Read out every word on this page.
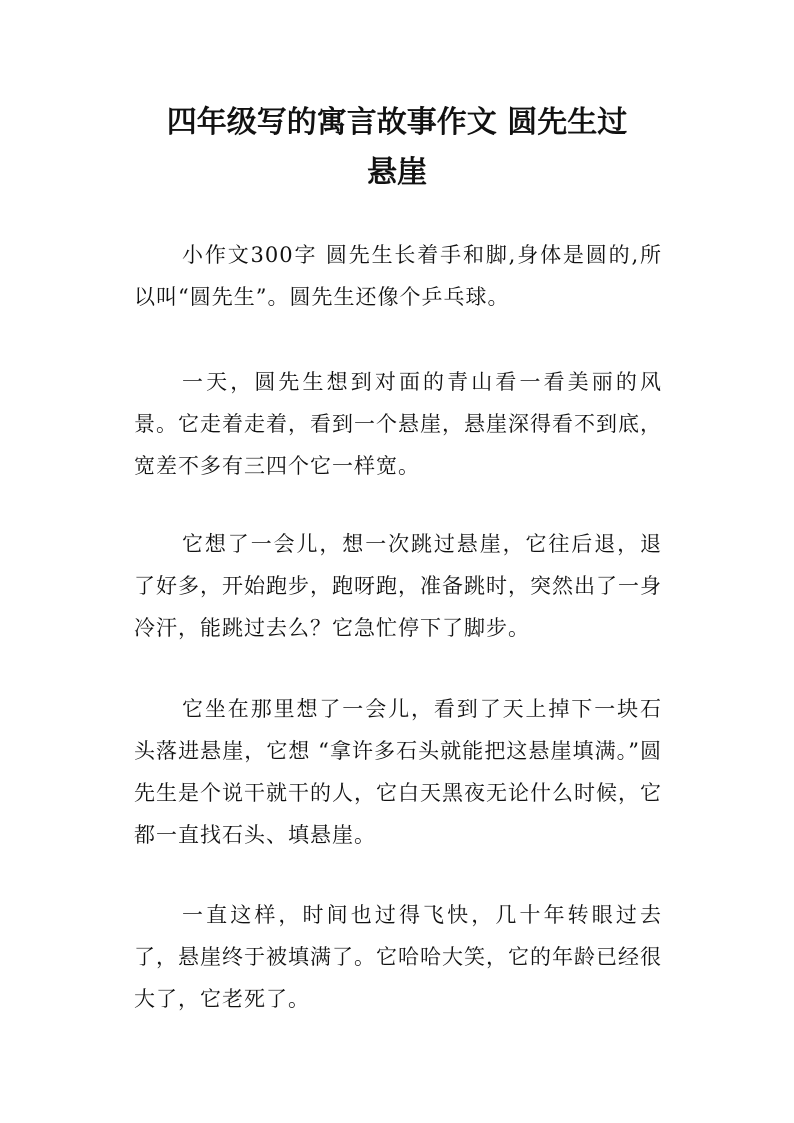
四年级写的寓言故事作文 圆先生过
悬崖

小作文300字 圆先生长着手和脚,身体是圆的,所以叫“圆先生”。圆先生还像个乒乓球。

一天，圆先生想到对面的青山看一看美丽的风景。它走着走着，看到一个悬崖，悬崖深得看不到底，宽差不多有三四个它一样宽。

它想了一会儿，想一次跳过悬崖，它往后退，退了好多，开始跑步，跑呀跑，准备跳时，突然出了一身冷汗，能跳过去么？它急忙停下了脚步。

它坐在那里想了一会儿，看到了天上掉下一块石头落进悬崖，它想 “拿许多石头就能把这悬崖填满。”圆先生是个说干就干的人，它白天黑夜无论什么时候，它都一直找石头、填悬崖。

一直这样，时间也过得飞快，几十年转眼过去了，悬崖终于被填满了。它哈哈大笑，它的年龄已经很大了，它老死了。
